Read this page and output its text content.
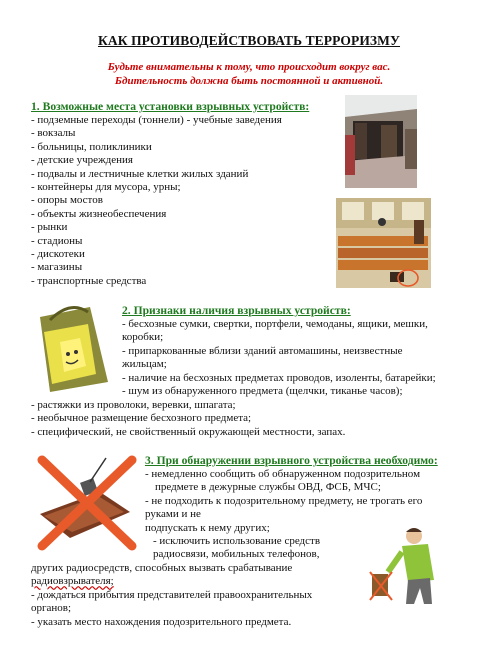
КАК ПРОТИВОДЕЙСТВОВАТЬ ТЕРРОРИЗМУ
Будьте внимательны к тому, что происходит вокруг вас.
Бдительность должна быть постоянной и активной.
1. Возможные места установки взрывных устройств:
- подземные переходы (тоннели) - учебные заведения
- вокзалы
- больницы, поликлиники
- детские учреждения
- подвалы и лестничные клетки жилых зданий
- контейнеры для мусора, урны;
- опоры мостов
- объекты жизнеобеспечения
- рынки
- стадионы
- дискотеки
- магазины
- транспортные средства
2. Признаки наличия взрывных устройств:
- бесхозные сумки, свертки, портфели, чемоданы, ящики, мешки,
коробки;
- припаркованные вблизи зданий автомашины, неизвестные
жильцам;
- наличие на бесхозных предметах проводов, изоленты, батарейки;
- шум из обнаруженного предмета (щелчки, тиканье часов);
- растяжки из проволоки, веревки, шпагата;
- необычное размещение бесхозного предмета;
- специфический, не свойственный окружающей местности, запах.
3. При обнаружении взрывного устройства необходимо:
- немедленно сообщить об обнаруженном подозрительном
предмете в дежурные службы ОВД, ФСБ, МЧС;
- не подходить к подозрительному предмету, не трогать его
руками и не
подпускать к нему других;
- исключить использование средств
радиосвязи, мобильных телефонов,
других радиосредств, способных вызвать срабатывание
радиовзрывателя;
- дождаться прибытия представителей правоохранительных
органов;
- указать место нахождения подозрительного предмета.
